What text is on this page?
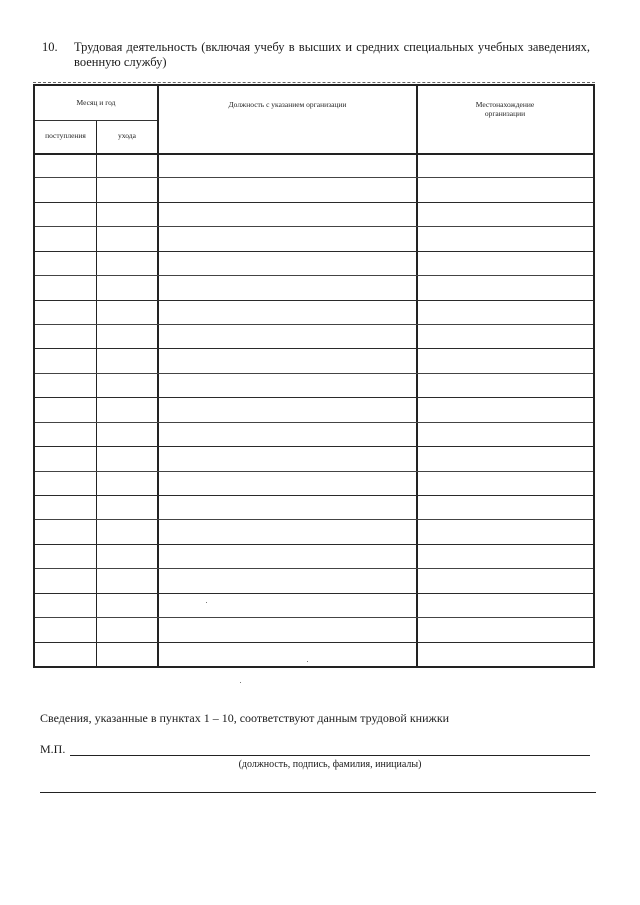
10. Трудовая деятельность (включая учебу в высших и средних специальных учебных заведениях, военную службу)
Месяц и год
поступления	ухода
Должность с указанием организации	Местонахождение организации
Сведения, указанные в пунктах 1 – 10, соответствуют данным трудовой книжки
М.П.
(должность, подпись, фамилия, инициалы)
